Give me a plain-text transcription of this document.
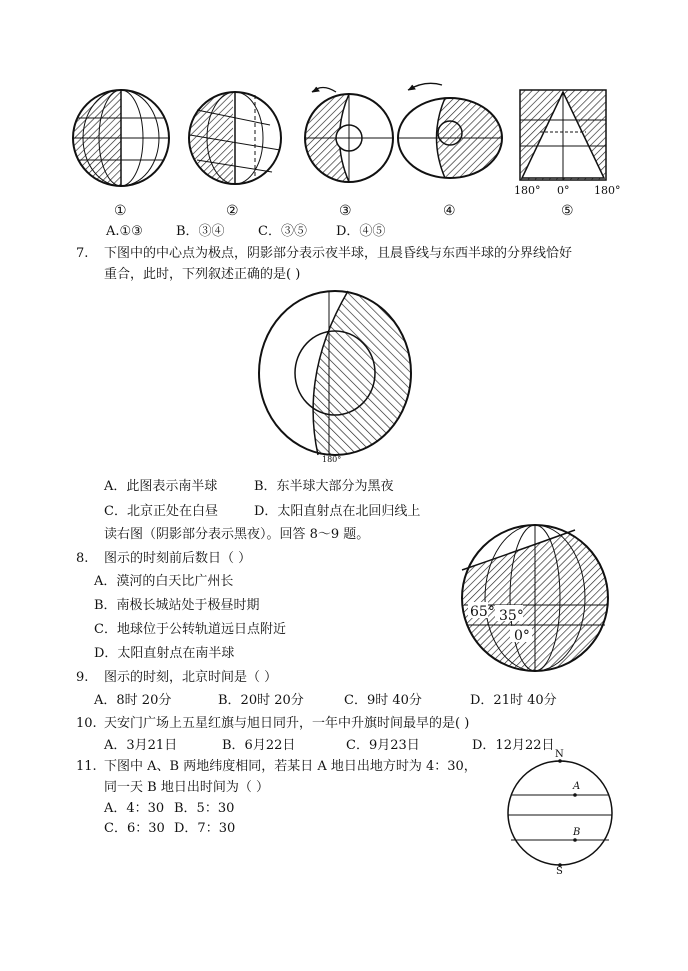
180° 0° 180°
①	②	③	④	⑤
A.①③	B．③④	C．③⑤ D．④⑤
7. 下图中的中心点为极点，阴影部分表示夜半球，且晨昏线与东西半球的分界线恰好
重合，此时，下列叙述正确的是( )
180°
A．此图表示南半球	B．东半球大部分为黑夜
C．北京正处在白昼	D．太阳直射点在北回归线上
读右图（阴影部分表示黑夜）。回答 8～9 题。
65° 35°
0°
8. 图示的时刻前后数日（ ）
A．漠河的白天比广州长
B．南极长城站处于极昼时期
C．地球位于公转轨道远日点附近
D．太阳直射点在南半球
9. 图示的时刻，北京时间是（ ）
A．8时 20分	B．20时 20分	C．9时 40分	D．21时 40分
10. 天安门广场上五星红旗与旭日同升，一年中升旗时间最早的是( )
A．3月21日	B．6月22日	C．9月23日	D．12月22日
11. 下图中 A、B 两地纬度相同，若某日 A 地日出地方时为 4：30，
同一天 B 地日出时间为（ ）
A．4：30 B．5：30
C．6：30 D．7：30
N
S
A
B
